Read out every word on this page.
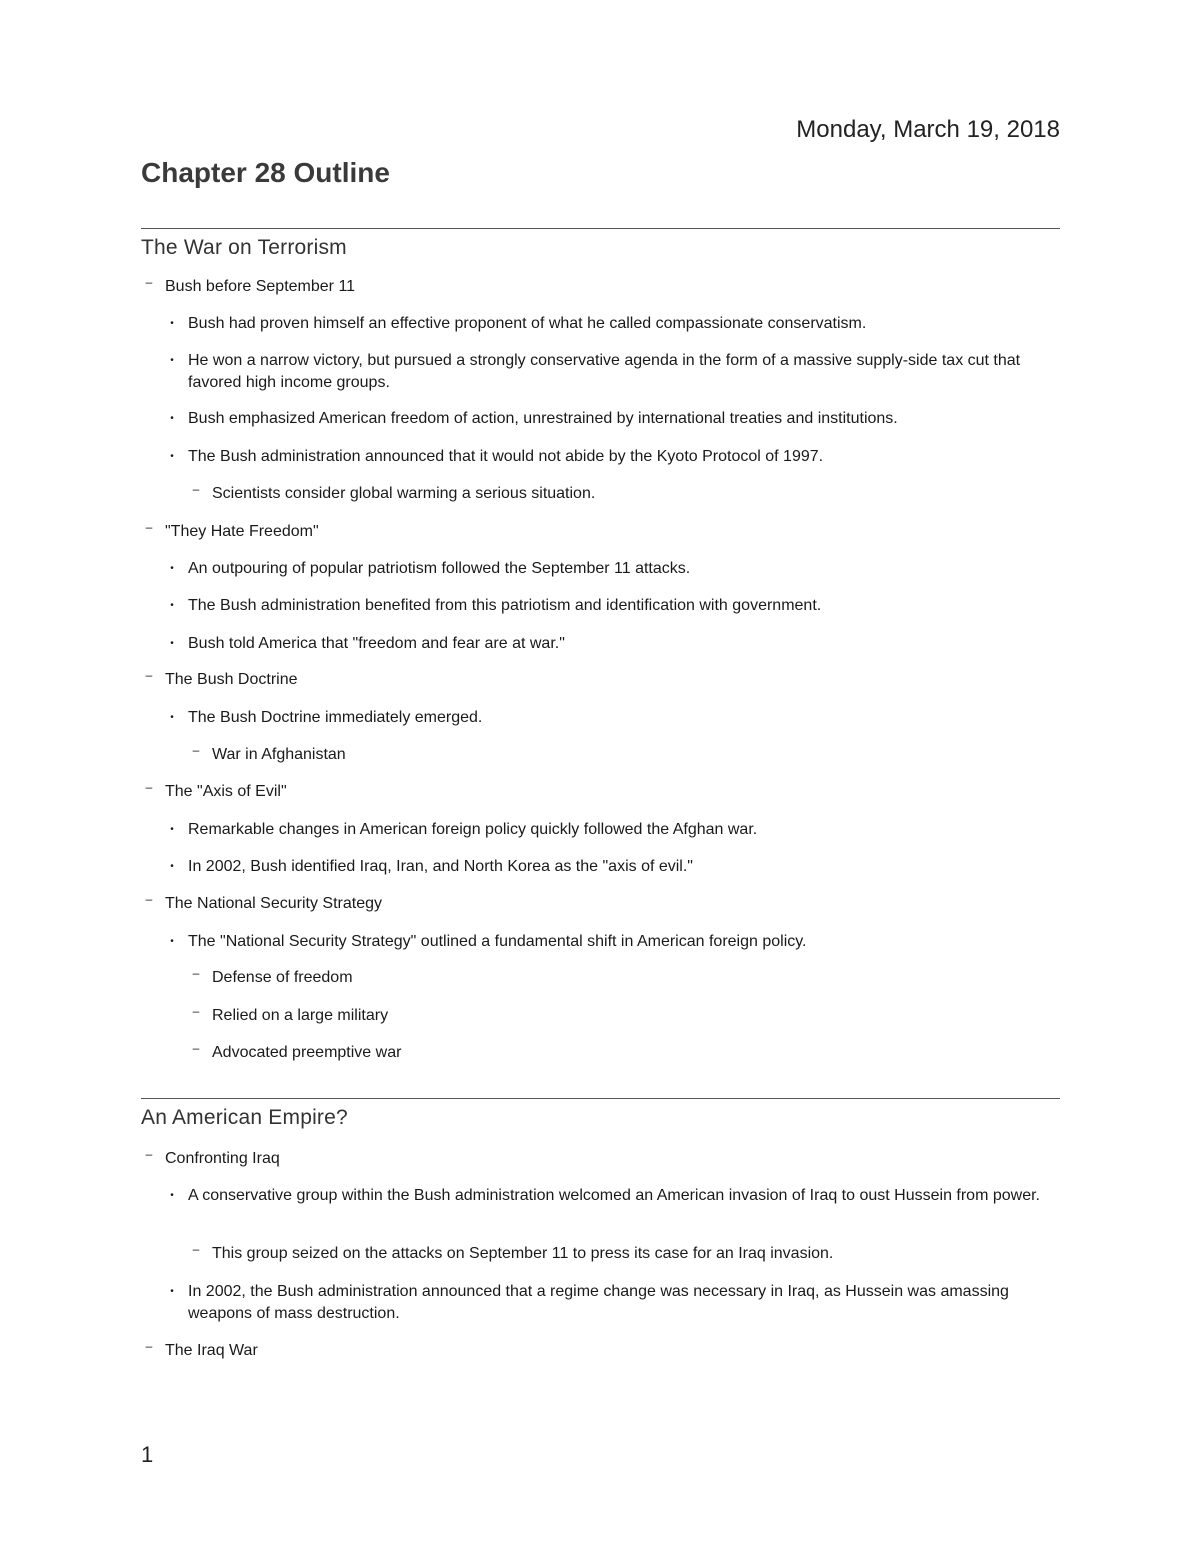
Monday, March 19, 2018
Chapter 28 Outline
The War on Terrorism
– Bush before September 11
• Bush had proven himself an effective proponent of what he called compassionate conservatism.
• He won a narrow victory, but pursued a strongly conservative agenda in the form of a massive supply-side tax cut that favored high income groups.
• Bush emphasized American freedom of action, unrestrained by international treaties and institutions.
• The Bush administration announced that it would not abide by the Kyoto Protocol of 1997.
– Scientists consider global warming a serious situation.
– "They Hate Freedom"
• An outpouring of popular patriotism followed the September 11 attacks.
• The Bush administration benefited from this patriotism and identification with government.
• Bush told America that "freedom and fear are at war."
– The Bush Doctrine
• The Bush Doctrine immediately emerged.
– War in Afghanistan
– The "Axis of Evil"
• Remarkable changes in American foreign policy quickly followed the Afghan war.
• In 2002, Bush identified Iraq, Iran, and North Korea as the "axis of evil."
– The National Security Strategy
• The "National Security Strategy" outlined a fundamental shift in American foreign policy.
– Defense of freedom
– Relied on a large military
– Advocated preemptive war
An American Empire?
– Confronting Iraq
• A conservative group within the Bush administration welcomed an American invasion of Iraq to oust Hussein from power.
– This group seized on the attacks on September 11 to press its case for an Iraq invasion.
• In 2002, the Bush administration announced that a regime change was necessary in Iraq, as Hussein was amassing weapons of mass destruction.
– The Iraq War
1
